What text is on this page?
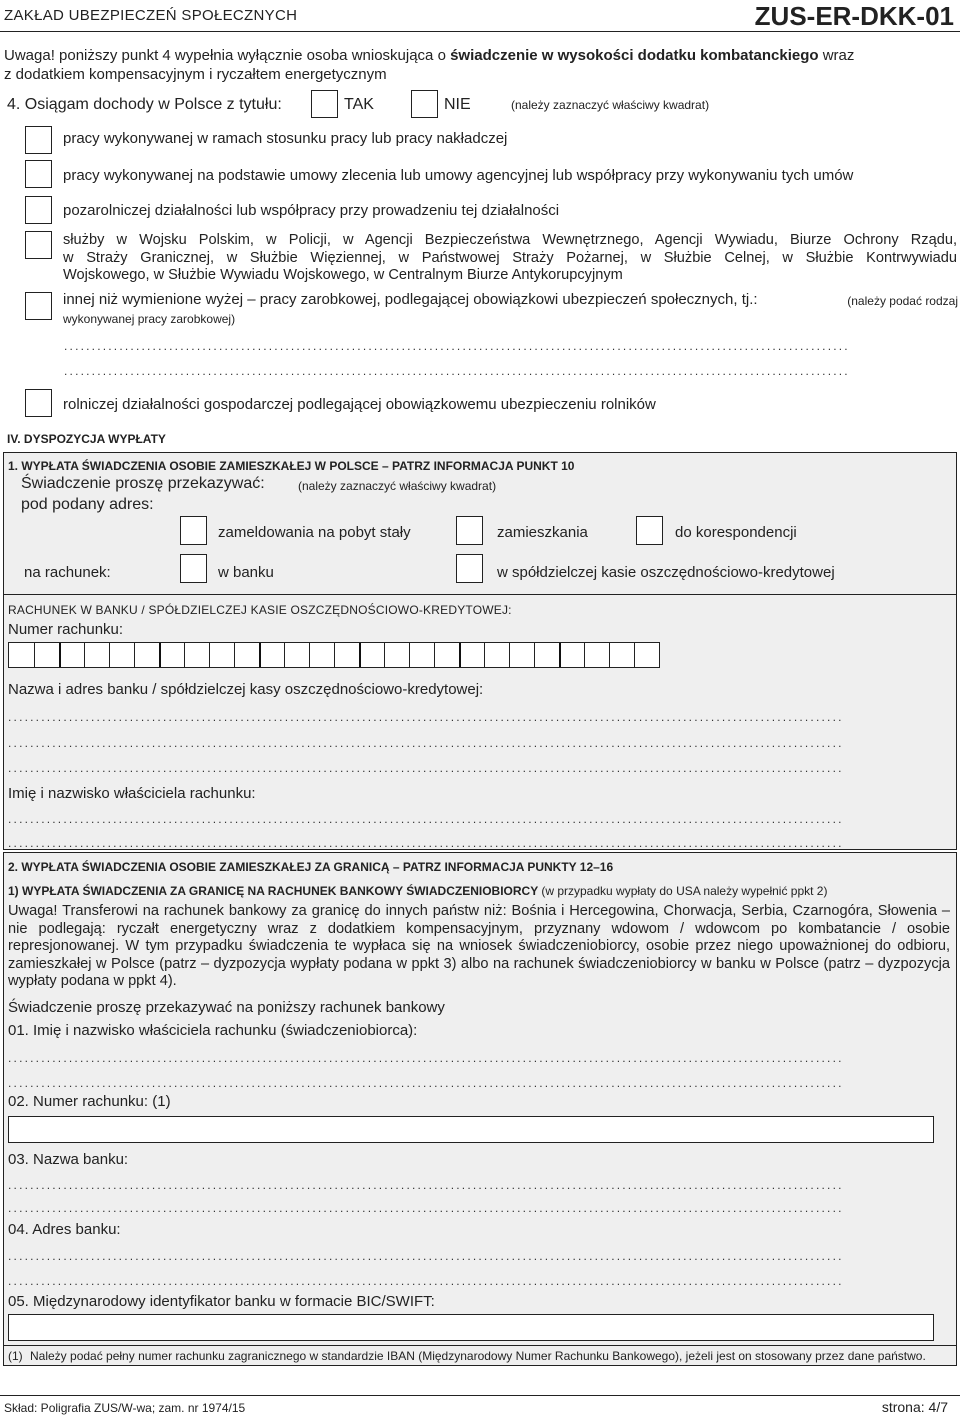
ZAKŁAD UBEZPIECZEŃ SPOŁECZNYCH	ZUS-ER-DKK-01
Uwaga! poniższy punkt 4 wypełnia wyłącznie osoba wnioskująca o świadczenie w wysokości dodatku kombatanckiego wraz
z dodatkiem kompensacyjnym i ryczałtem energetycznym
4. Osiągam dochody w Polsce z tytułu:	TAK	NIE	(należy zaznaczyć właściwy kwadrat)
pracy wykonywanej w ramach stosunku pracy lub pracy nakładczej
pracy wykonywanej na podstawie umowy zlecenia lub umowy agencyjnej lub współpracy przy wykonywaniu tych umów
pozarolniczej działalności lub współpracy przy prowadzeniu tej działalności
służby w Wojsku Polskim, w Policji, w Agencji Bezpieczeństwa Wewnętrznego, Agencji Wywiadu, Biurze Ochrony Rządu,
w Straży Granicznej, w Służbie Więziennej, w Państwowej Straży Pożarnej, w Służbie Celnej, w Służbie Kontrwywiadu
Wojskowego, w Służbie Wywiadu Wojskowego, w Centralnym Biurze Antykorupcyjnym
innej niż wymienione wyżej – pracy zarobkowej, podlegającej obowiązkowi ubezpieczeń społecznych, tj.:	(należy podać rodzaj
wykonywanej pracy zarobkowej)
..............................................................................................................................................
..............................................................................................................................................
rolniczej działalności gospodarczej podlegającej obowiązkowemu ubezpieczeniu rolników
IV. DYSPOZYCJA WYPŁATY
1. WYPŁATA ŚWIADCZENIA OSOBIE ZAMIESZKAŁEJ W POLSCE – PATRZ INFORMACJA PUNKT 10
Świadczenie proszę przekazywać:	(należy zaznaczyć właściwy kwadrat)
pod podany adres:
zameldowania na pobyt stały	zamieszkania	do korespondencji
na rachunek:	w banku	w spółdzielczej kasie oszczędnościowo-kredytowej
RACHUNEK W BANKU / SPÓŁDZIELCZEJ KASIE OSZCZĘDNOŚCIOWO-KREDYTOWEJ:
Numer rachunku:
Nazwa i adres banku / spółdzielczej kasy oszczędnościowo-kredytowej:
.......................................................................................................................................................
.......................................................................................................................................................
.......................................................................................................................................................
Imię i nazwisko właściciela rachunku:
.......................................................................................................................................................
.......................................................................................................................................................
2. WYPŁATA ŚWIADCZENIA OSOBIE ZAMIESZKAŁEJ ZA GRANICĄ – PATRZ INFORMACJA PUNKTY 12–16
1) WYPŁATA ŚWIADCZENIA ZA GRANICĘ NA RACHUNEK BANKOWY ŚWIADCZENIOBIORCY (w przypadku wypłaty do USA należy wypełnić ppkt 2)
Uwaga! Transferowi na rachunek bankowy za granicę do innych państw niż: Bośnia i Hercegowina, Chorwacja, Serbia, Czarnogóra, Słowenia – nie podlegają: ryczałt energetyczny wraz z dodatkiem kompensacyjnym, przyznany wdowom / wdowcom po kombatancie / osobie represjonowanej. W tym przypadku świadczenia te wypłaca się na wniosek świadczeniobiorcy, osobie przez niego upoważnionej do odbioru, zamieszkałej w Polsce (patrz – dyzpozycja wypłaty podana w ppkt 3) albo na rachunek świadczeniobiorcy w banku w Polsce (patrz – dyzpozycja wypłaty podana w ppkt 4).
Świadczenie proszę przekazywać na poniższy rachunek bankowy
01. Imię i nazwisko właściciela rachunku (świadczeniobiorca):
.......................................................................................................................................................
.......................................................................................................................................................
02. Numer rachunku: (1)
03. Nazwa banku:
.......................................................................................................................................................
.......................................................................................................................................................
04. Adres banku:
.......................................................................................................................................................
.......................................................................................................................................................
05. Międzynarodowy identyfikator banku w formacie BIC/SWIFT:
(1) Należy podać pełny numer rachunku zagranicznego w standardzie IBAN (Międzynarodowy Numer Rachunku Bankowego), jeżeli jest on stosowany przez dane państwo.
Skład: Poligrafia ZUS/W-wa; zam. nr 1974/15	strona: 4/7
